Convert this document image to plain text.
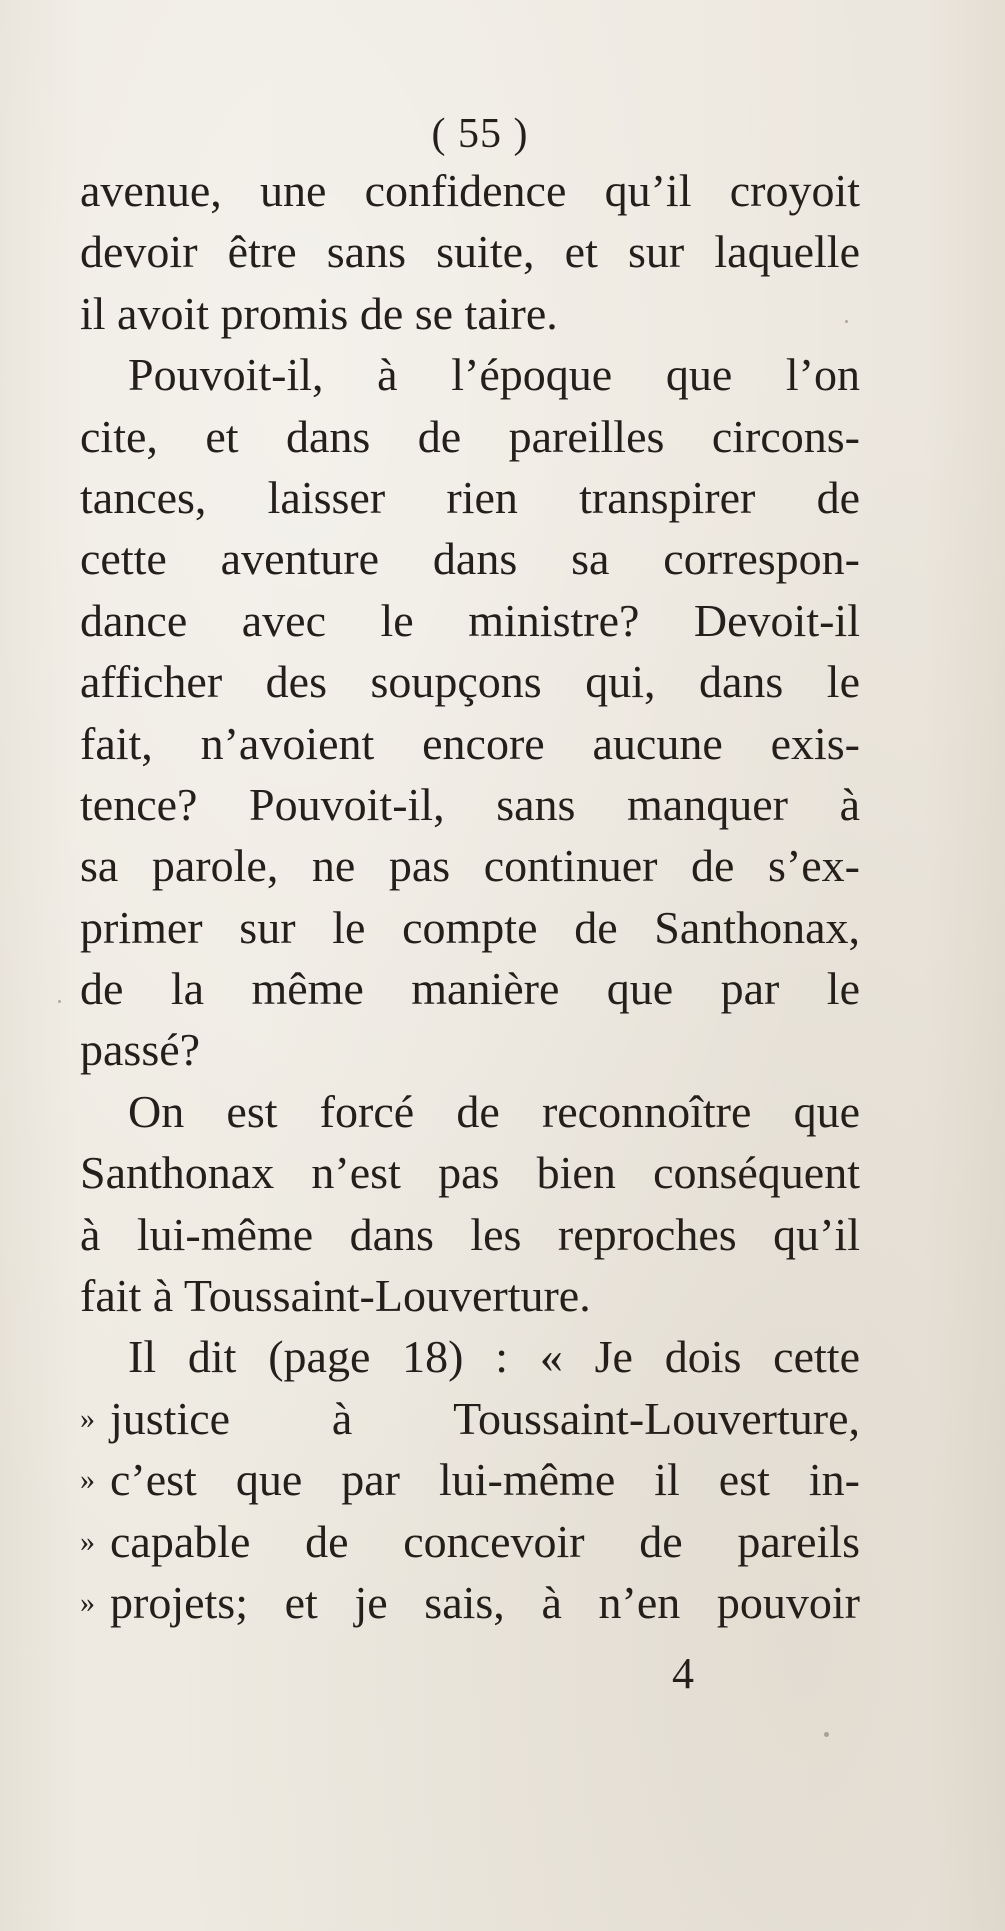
( 55 )
avenue, une confidence qu’il croyoit
devoir être sans suite, et sur laquelle
il avoit promis de se taire.
Pouvoit-il, à l’époque que l’on
cite, et dans de pareilles circons-
tances, laisser rien transpirer de
cette aventure dans sa correspon-
dance avec le ministre? Devoit-il
afficher des soupçons qui, dans le
fait, n’avoient encore aucune exis-
tence? Pouvoit-il, sans manquer à
sa parole, ne pas continuer de s’ex-
primer sur le compte de Santhonax,
de la même manière que par le
passé?
On est forcé de reconnoître que
Santhonax n’est pas bien conséquent
à lui-même dans les reproches qu’il
fait à Toussaint-Louverture.
Il dit (page 18) : « Je dois cette
» justice à Toussaint-Louverture,
» c’est que par lui-même il est in-
» capable de concevoir de pareils
» projets; et je sais, à n’en pouvoir
4
